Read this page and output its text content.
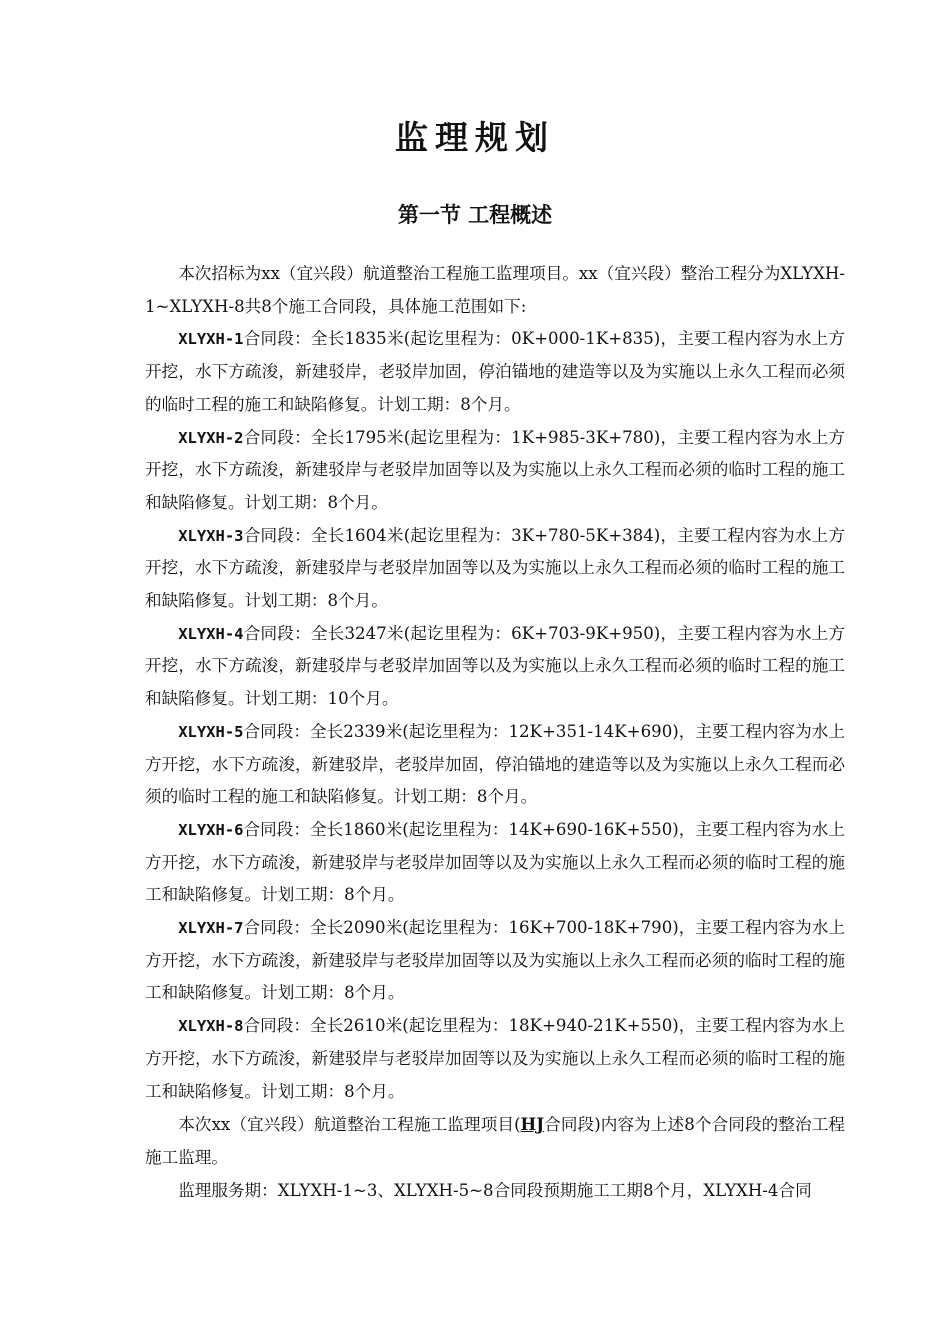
监理规划
第一节 工程概述

本次招标为xx（宜兴段）航道整治工程施工监理项目。xx（宜兴段）整治工程分为XLYXH-1~XLYXH-8共8个施工合同段，具体施工范围如下:

XLYXH-1合同段：全长1835米(起讫里程为：0K+000-1K+835)，主要工程内容为水上方开挖，水下方疏浚，新建驳岸，老驳岸加固，停泊锚地的建造等以及为实施以上永久工程而必须的临时工程的施工和缺陷修复。计划工期：8个月。

XLYXH-2合同段：全长1795米(起讫里程为：1K+985-3K+780)，主要工程内容为水上方开挖，水下方疏浚，新建驳岸与老驳岸加固等以及为实施以上永久工程而必须的临时工程的施工和缺陷修复。计划工期：8个月。

XLYXH-3合同段：全长1604米(起讫里程为：3K+780-5K+384)，主要工程内容为水上方开挖，水下方疏浚，新建驳岸与老驳岸加固等以及为实施以上永久工程而必须的临时工程的施工和缺陷修复。计划工期：8个月。

XLYXH-4合同段：全长3247米(起讫里程为：6K+703-9K+950)，主要工程内容为水上方开挖，水下方疏浚，新建驳岸与老驳岸加固等以及为实施以上永久工程而必须的临时工程的施工和缺陷修复。计划工期：10个月。

XLYXH-5合同段：全长2339米(起讫里程为：12K+351-14K+690)，主要工程内容为水上方开挖，水下方疏浚，新建驳岸，老驳岸加固，停泊锚地的建造等以及为实施以上永久工程而必须的临时工程的施工和缺陷修复。计划工期：8个月。

XLYXH-6合同段：全长1860米(起讫里程为：14K+690-16K+550)，主要工程内容为水上方开挖，水下方疏浚，新建驳岸与老驳岸加固等以及为实施以上永久工程而必须的临时工程的施工和缺陷修复。计划工期：8个月。

XLYXH-7合同段：全长2090米(起讫里程为：16K+700-18K+790)，主要工程内容为水上方开挖，水下方疏浚，新建驳岸与老驳岸加固等以及为实施以上永久工程而必须的临时工程的施工和缺陷修复。计划工期：8个月。

XLYXH-8合同段：全长2610米(起讫里程为：18K+940-21K+550)，主要工程内容为水上方开挖，水下方疏浚，新建驳岸与老驳岸加固等以及为实施以上永久工程而必须的临时工程的施工和缺陷修复。计划工期：8个月。

本次xx（宜兴段）航道整治工程施工监理项目(HJ合同段)内容为上述8个合同段的整治工程施工监理。

监理服务期：XLYXH-1~3、XLYXH-5~8合同段预期施工工期8个月，XLYXH-4合同
